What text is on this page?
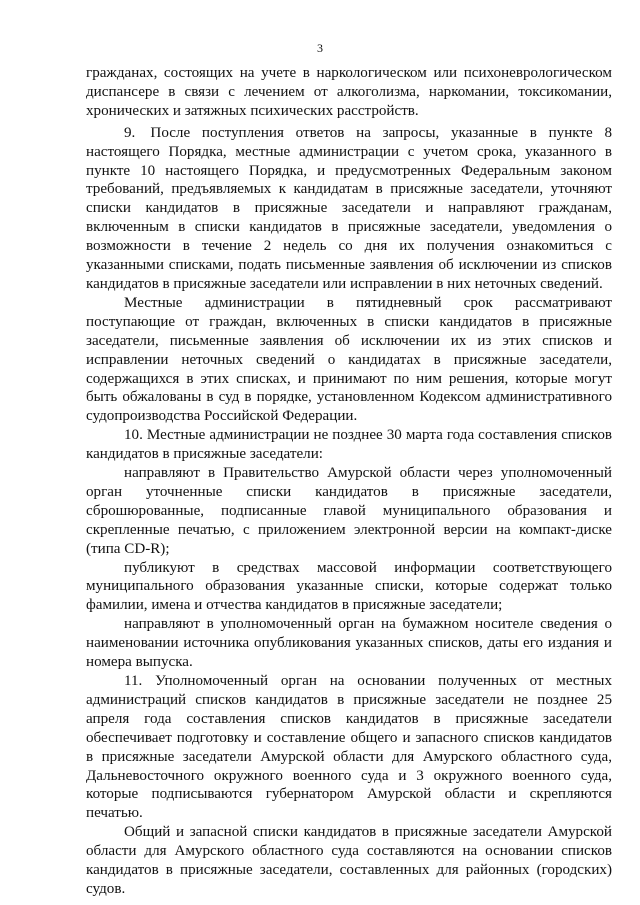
3

гражданах, состоящих на учете в наркологическом или психоневрологическом диспансере в связи с лечением от алкоголизма, наркомании, токсикомании, хронических и затяжных психических расстройств.

9. После поступления ответов на запросы, указанные в пункте 8 настоящего Порядка, местные администрации с учетом срока, указанного в пункте 10 настоящего Порядка, и предусмотренных Федеральным законом требований, предъявляемых к кандидатам в присяжные заседатели, уточняют списки кандидатов в присяжные заседатели и направляют гражданам, включенным в списки кандидатов в присяжные заседатели, уведомления о возможности в течение 2 недель со дня их получения ознакомиться с указанными списками, подать письменные заявления об исключении из списков кандидатов в присяжные заседатели или исправлении в них неточных сведений.

Местные администрации в пятидневный срок рассматривают поступающие от граждан, включенных в списки кандидатов в присяжные заседатели, письменные заявления об исключении их из этих списков и исправлении неточных сведений о кандидатах в присяжные заседатели, содержащихся в этих списках, и принимают по ним решения, которые могут быть обжалованы в суд в порядке, установленном Кодексом административного судопроизводства Российской Федерации.

10. Местные администрации не позднее 30 марта года составления списков кандидатов в присяжные заседатели:

направляют в Правительство Амурской области через уполномоченный орган уточненные списки кандидатов в присяжные заседатели, сброшюрованные, подписанные главой муниципального образования и скрепленные печатью, с приложением электронной версии на компакт-диске (типа CD-R);

публикуют в средствах массовой информации соответствующего муниципального образования указанные списки, которые содержат только фамилии, имена и отчества кандидатов в присяжные заседатели;

направляют в уполномоченный орган на бумажном носителе сведения о наименовании источника опубликования указанных списков, даты его издания и номера выпуска.

11. Уполномоченный орган на основании полученных от местных администраций списков кандидатов в присяжные заседатели не позднее 25 апреля года составления списков кандидатов в присяжные заседатели обеспечивает подготовку и составление общего и запасного списков кандидатов в присяжные заседатели Амурской области для Амурского областного суда, Дальневосточного окружного военного суда и 3 окружного военного суда, которые подписываются губернатором Амурской области и скрепляются печатью.

Общий и запасной списки кандидатов в присяжные заседатели Амурской области для Амурского областного суда составляются на основании списков кандидатов в присяжные заседатели, составленных для районных (городских) судов.
